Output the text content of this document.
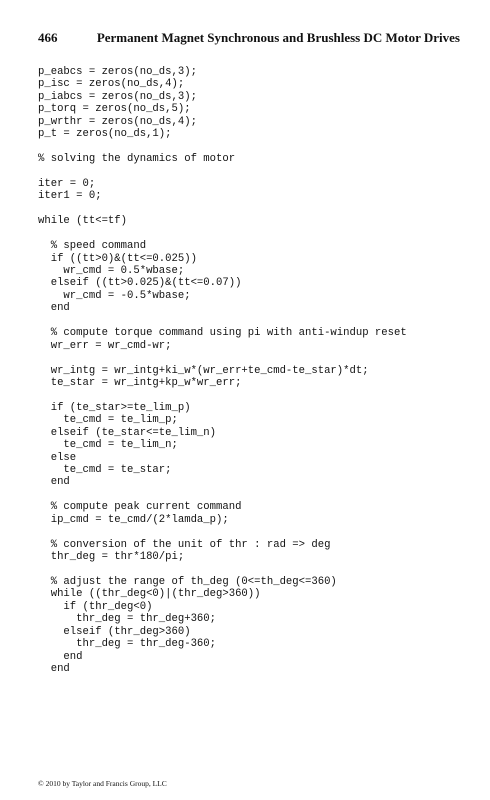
466	Permanent Magnet Synchronous and Brushless DC Motor Drives
p_eabcs = zeros(no_ds,3);
p_isc = zeros(no_ds,4);
p_iabcs = zeros(no_ds,3);
p_torq = zeros(no_ds,5);
p_wrthr = zeros(no_ds,4);
p_t = zeros(no_ds,1);
% solving the dynamics of motor
iter = 0;
iter1 = 0;
while (tt<=tf)
% speed command
if ((tt>0)&(tt<=0.025))
wr_cmd = 0.5*wbase;
elseif ((tt>0.025)&(tt<=0.07))
wr_cmd = -0.5*wbase;
end
% compute torque command using pi with anti-windup reset
wr_err = wr_cmd-wr;
wr_intg = wr_intg+ki_w*(wr_err+te_cmd-te_star)*dt;
te_star = wr_intg+kp_w*wr_err;
if (te_star>=te_lim_p)
te_cmd = te_lim_p;
elseif (te_star<=te_lim_n)
te_cmd = te_lim_n;
else
te_cmd = te_star;
end
% compute peak current command
ip_cmd = te_cmd/(2*lamda_p);
% conversion of the unit of thr : rad => deg
thr_deg = thr*180/pi;
% adjust the range of th_deg (0<=th_deg<=360)
while ((thr_deg<0)|(thr_deg>360))
if (thr_deg<0)
thr_deg = thr_deg+360;
elseif (thr_deg>360)
thr_deg = thr_deg-360;
end
end
© 2010 by Taylor and Francis Group, LLC
